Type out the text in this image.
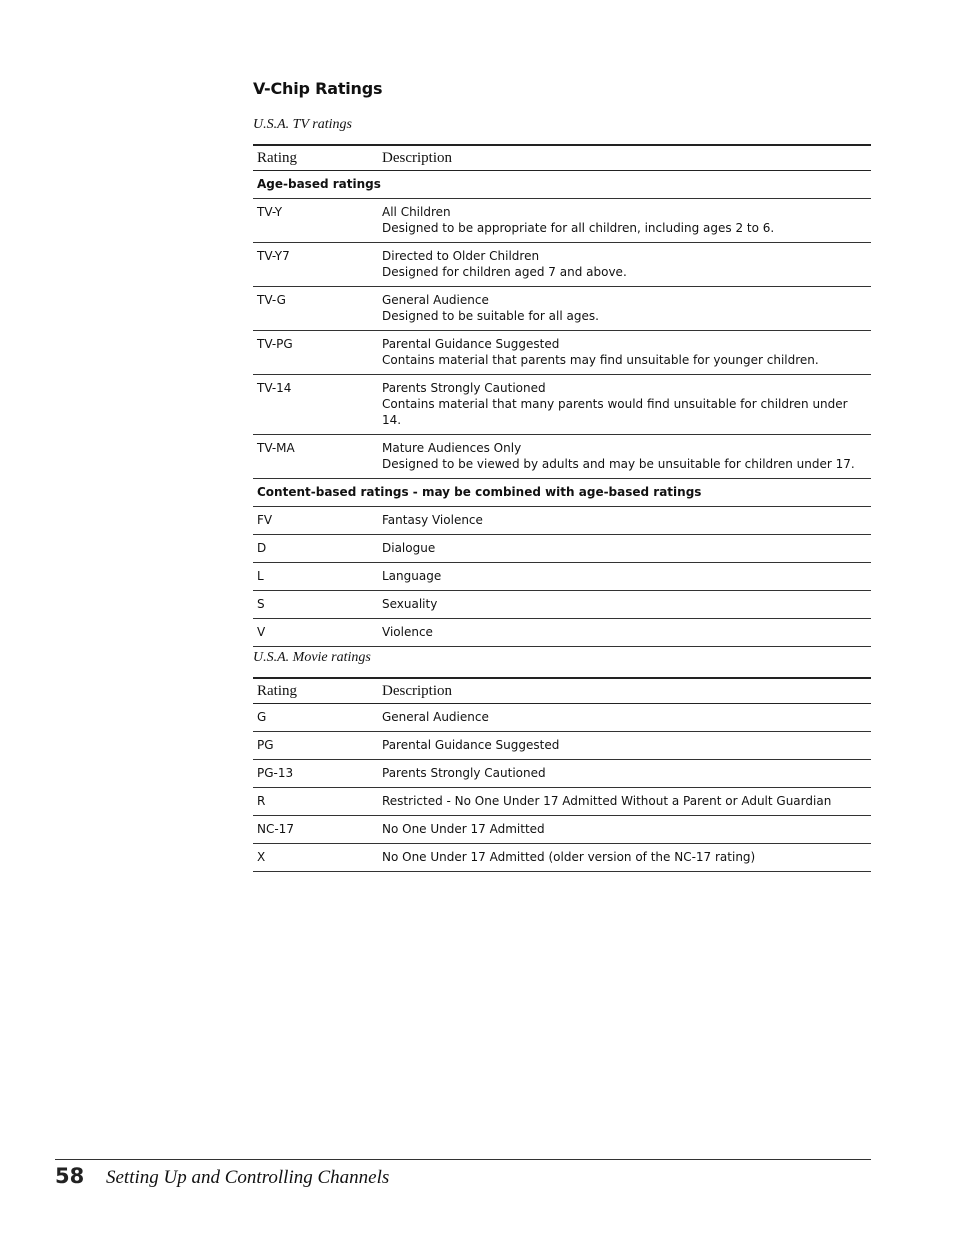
V-Chip Ratings
U.S.A. TV ratings
Rating	Description
Age-based ratings	
TV-Y	All Children
Designed to be appropriate for all children, including ages 2 to 6.

TV-Y7	Directed to Older Children
Designed for children aged 7 and above.

TV-G	General Audience
Designed to be suitable for all ages.

TV-PG	Parental Guidance Suggested
Contains material that parents may find unsuitable for younger children.

TV-14	Parents Strongly Cautioned
Contains material that many parents would find unsuitable for children under 14.

TV-MA	Mature Audiences Only
Designed to be viewed by adults and may be unsuitable for children under 17.

Content-based ratings - may be combined with age-based ratings	
FV	Fantasy Violence
D	Dialogue
L	Language
S	Sexuality
V	Violence
U.S.A. Movie ratings
Rating	Description
G	General Audience
PG	Parental Guidance Suggested
PG-13	Parents Strongly Cautioned
R	Restricted - No One Under 17 Admitted Without a Parent or Adult Guardian
NC-17	No One Under 17 Admitted
X	No One Under 17 Admitted (older version of the NC-17 rating)
58 Setting Up and Controlling Channels
